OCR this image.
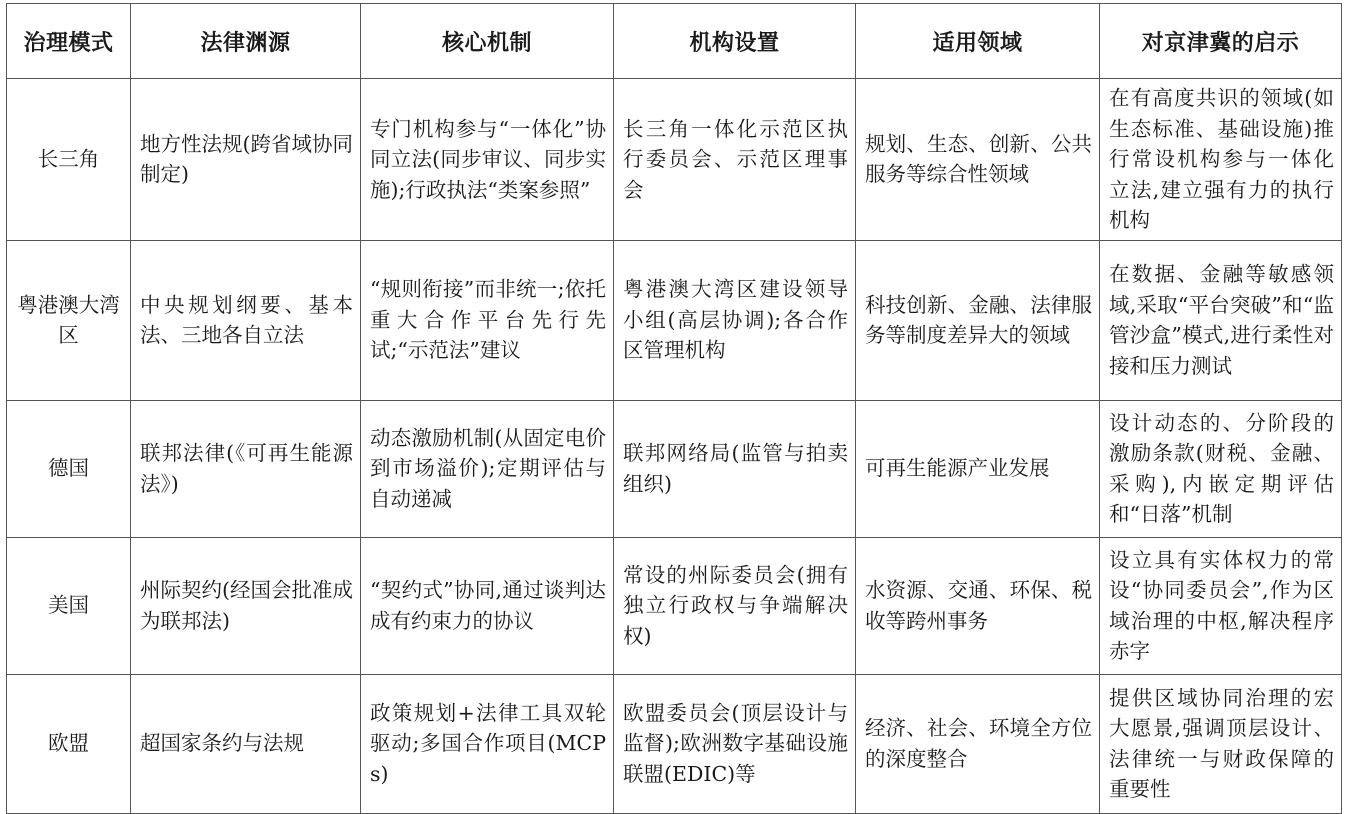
治理模式	法律渊源	核心机制	机构设置	适用领域	对京津冀的启示
长三角	地方性法规(跨省域协同制定)	专门机构参与“一体化”协同立法(同步审议、同步实施);行政执法“类案参照”	长三角一体化示范区执行委员会、示范区理事会	规划、生态、创新、公共服务等综合性领域	在有高度共识的领域(如生态标准、基础设施)推行常设机构参与一体化立法,建立强有力的执行机构
粤港澳大湾区	中央规划纲要、基本法、三地各自立法	“规则衔接”而非统一;依托重大合作平台先行先试;“示范法”建议	粤港澳大湾区建设领导小组(高层协调);各合作区管理机构	科技创新、金融、法律服务等制度差异大的领域	在数据、金融等敏感领域,采取“平台突破”和“监管沙盒”模式,进行柔性对接和压力测试
德国	联邦法律(《可再生能源法》)	动态激励机制(从固定电价到市场溢价);定期评估与自动递减	联邦网络局(监管与拍卖组织)	可再生能源产业发展	设计动态的、分阶段的激励条款(财税、金融、采购),内嵌定期评估和“日落”机制
美国	州际契约(经国会批准成为联邦法)	“契约式”协同,通过谈判达成有约束力的协议	常设的州际委员会(拥有独立行政权与争端解决权)	水资源、交通、环保、税收等跨州事务	设立具有实体权力的常设“协同委员会”,作为区域治理的中枢,解决程序赤字
欧盟	超国家条约与法规	政策规划+法律工具双轮驱动;多国合作项目(MCPs)	欧盟委员会(顶层设计与监督);欧洲数字基础设施联盟(EDIC)等	经济、社会、环境全方位的深度整合	提供区域协同治理的宏大愿景,强调顶层设计、法律统一与财政保障的重要性
